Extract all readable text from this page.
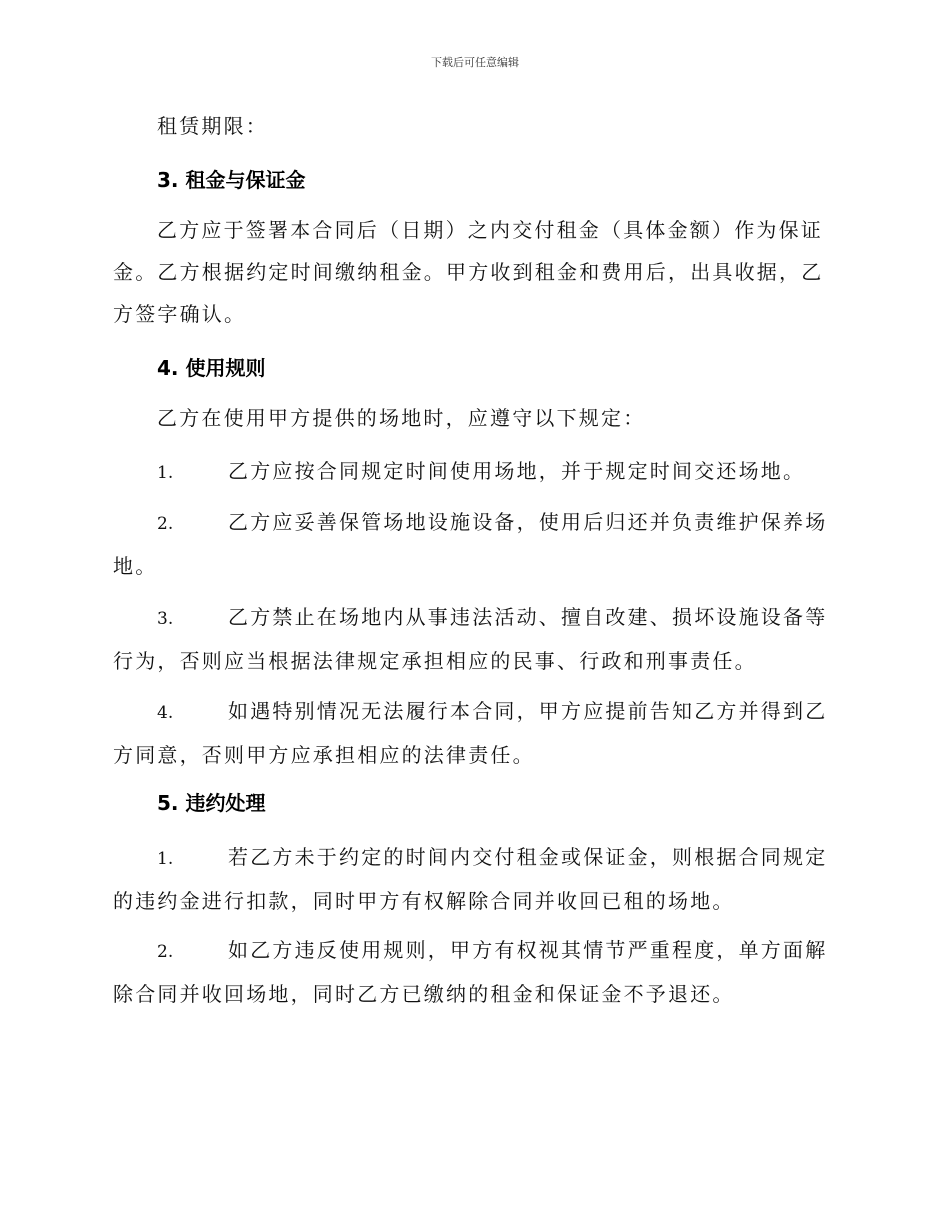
下载后可任意编辑
租赁期限：
3. 租金与保证金
乙方应于签署本合同后（日期）之内交付租金（具体金额）作为保证金。乙方根据约定时间缴纳租金。甲方收到租金和费用后，出具收据，乙方签字确认。
4. 使用规则
乙方在使用甲方提供的场地时，应遵守以下规定：
1.	乙方应按合同规定时间使用场地，并于规定时间交还场地。
2.	乙方应妥善保管场地设施设备，使用后归还并负责维护保养场地。
3.	乙方禁止在场地内从事违法活动、擅自改建、损坏设施设备等行为，否则应当根据法律规定承担相应的民事、行政和刑事责任。
4.	如遇特别情况无法履行本合同，甲方应提前告知乙方并得到乙方同意，否则甲方应承担相应的法律责任。
5. 违约处理
1.	若乙方未于约定的时间内交付租金或保证金，则根据合同规定的违约金进行扣款，同时甲方有权解除合同并收回已租的场地。
2.	如乙方违反使用规则，甲方有权视其情节严重程度，单方面解除合同并收回场地，同时乙方已缴纳的租金和保证金不予退还。
